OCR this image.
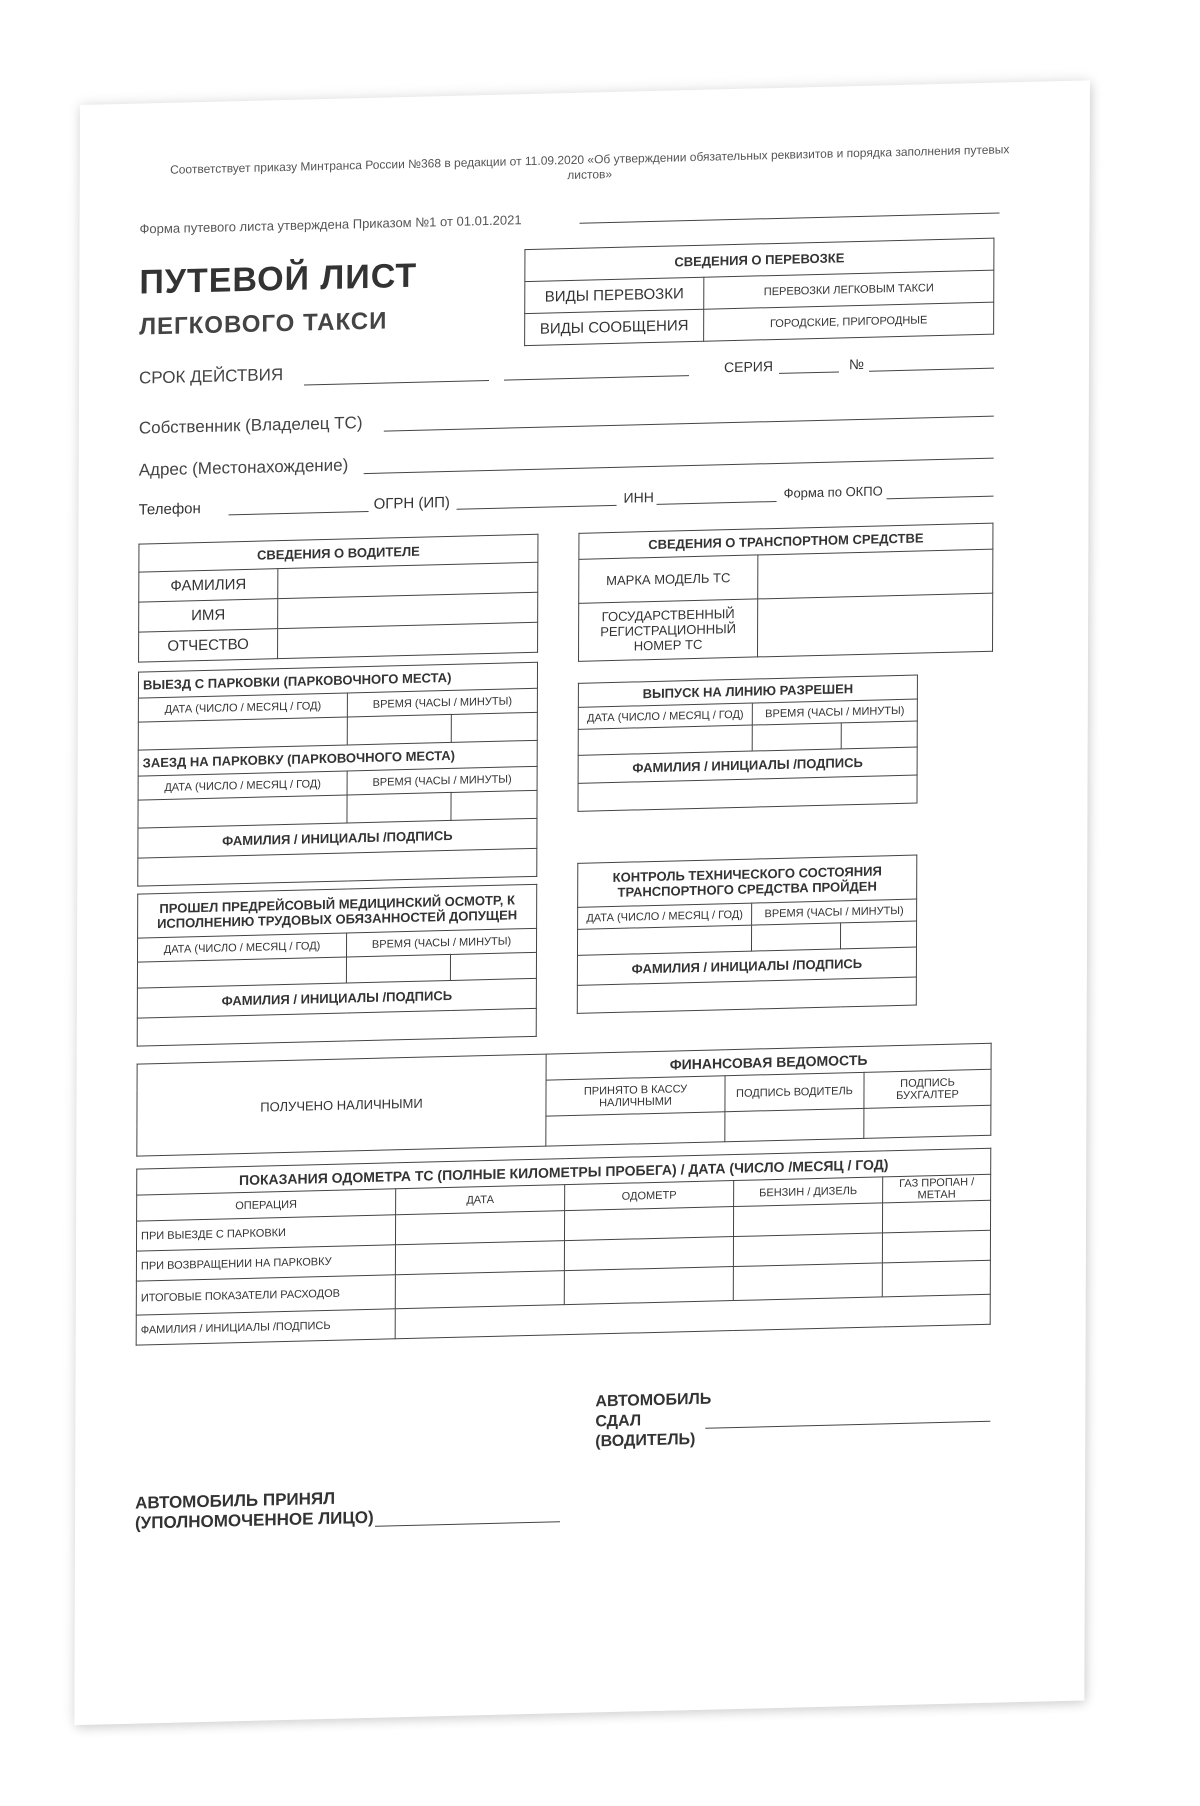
Соответствует приказу Минтранса России №368 в редакции от 11.09.2020 «Об утверждении обязательных реквизитов и порядка заполнения путевых листов»
Форма путевого листа утверждена Приказом №1 от 01.01.2021
ПУТЕВОЙ ЛИСТ
ЛЕГКОВОГО ТАКСИ
СВЕДЕНИЯ О ПЕРЕВОЗКЕ	
ВИДЫ ПЕРЕВОЗКИ	ПЕРЕВОЗКИ ЛЕГКОВЫМ ТАКСИ
ВИДЫ СООБЩЕНИЯ	ГОРОДСКИЕ, ПРИГОРОДНЫЕ
СРОК ДЕЙСТВИЯ	СЕРИЯ	№
Собственник (Владелец ТС)
Адрес (Местонахождение)
Телефон	ОГРН (ИП)	ИНН	Форма по ОКПО
СВЕДЕНИЯ О ВОДИТЕЛЕ	
ФАМИЛИЯ	
ИМЯ	
ОТЧЕСТВО	
СВЕДЕНИЯ О ТРАНСПОРТНОМ СРЕДСТВЕ	
МАРКА МОДЕЛЬ ТС	
ГОСУДАРСТВЕННЫЙ РЕГИСТРАЦИОННЫЙ НОМЕР ТС	
ВЫЕЗД С ПАРКОВКИ (ПАРКОВОЧНОГО МЕСТА)		
ДАТА (ЧИСЛО / МЕСЯЦ / ГОД)	ВРЕМЯ (ЧАСЫ / МИНУТЫ)	

ЗАЕЗД НА ПАРКОВКУ (ПАРКОВОЧНОГО МЕСТА)		
ДАТА (ЧИСЛО / МЕСЯЦ / ГОД)	ВРЕМЯ (ЧАСЫ / МИНУТЫ)	

ФАМИЛИЯ / ИНИЦИАЛЫ /ПОДПИСЬ		

ВЫПУСК НА ЛИНИЮ РАЗРЕШЕН		
ДАТА (ЧИСЛО / МЕСЯЦ / ГОД)	ВРЕМЯ (ЧАСЫ / МИНУТЫ)	

ФАМИЛИЯ / ИНИЦИАЛЫ /ПОДПИСЬ		

ПРОШЕЛ ПРЕДРЕЙСОВЫЙ МЕДИЦИНСКИЙ ОСМОТР, К ИСПОЛНЕНИЮ ТРУДОВЫХ ОБЯЗАННОСТЕЙ ДОПУЩЕН		
ДАТА (ЧИСЛО / МЕСЯЦ / ГОД)	ВРЕМЯ (ЧАСЫ / МИНУТЫ)	

ФАМИЛИЯ / ИНИЦИАЛЫ /ПОДПИСЬ		

КОНТРОЛЬ ТЕХНИЧЕСКОГО СОСТОЯНИЯ ТРАНСПОРТНОГО СРЕДСТВА ПРОЙДЕН		
ДАТА (ЧИСЛО / МЕСЯЦ / ГОД)	ВРЕМЯ (ЧАСЫ / МИНУТЫ)	

ФАМИЛИЯ / ИНИЦИАЛЫ /ПОДПИСЬ		

ПОЛУЧЕНО НАЛИЧНЫМИ	ФИНАНСОВАЯ ВЕДОМОСТЬ		
	ПРИНЯТО В КАССУ НАЛИЧНЫМИ	ПОДПИСЬ ВОДИТЕЛЬ	ПОДПИСЬ БУХГАЛТЕР

ПОКАЗАНИЯ ОДОМЕТРА ТС (ПОЛНЫЕ КИЛОМЕТРЫ ПРОБЕГА) / ДАТА (ЧИСЛО /МЕСЯЦ / ГОД)				
ОПЕРАЦИЯ	ДАТА	ОДОМЕТР	БЕНЗИН / ДИЗЕЛЬ	ГАЗ ПРОПАН / МЕТАН
ПРИ ВЫЕЗДЕ С ПАРКОВКИ				
ПРИ ВОЗВРАЩЕНИИ НА ПАРКОВКУ				
ИТОГОВЫЕ ПОКАЗАТЕЛИ РАСХОДОВ				
ФАМИЛИЯ / ИНИЦИАЛЫ /ПОДПИСЬ				
АВТОМОБИЛЬ СДАЛ (ВОДИТЕЛЬ)
АВТОМОБИЛЬ ПРИНЯЛ (УПОЛНОМОЧЕННОЕ ЛИЦО)
